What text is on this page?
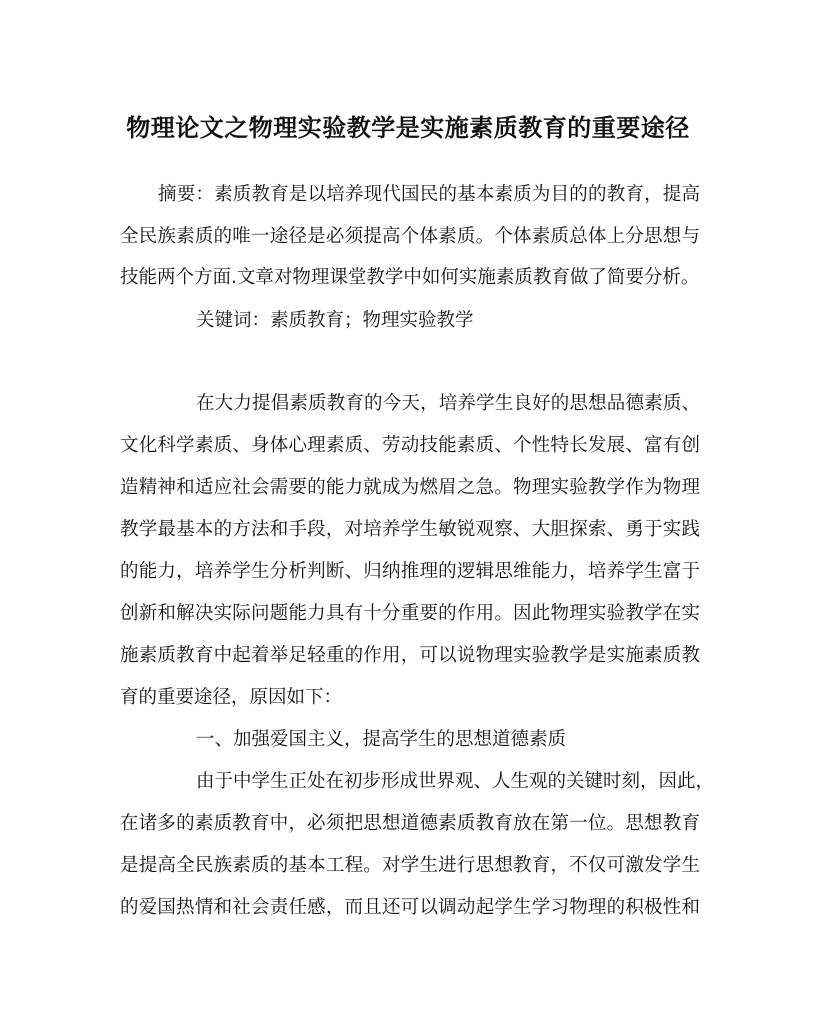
物理论文之物理实验教学是实施素质教育的重要途径
摘要：素质教育是以培养现代国民的基本素质为目的的教育，提高
全民族素质的唯一途径是必须提高个体素质。个体素质总体上分思想与
技能两个方面.文章对物理课堂教学中如何实施素质教育做了简要分析。
关键词：素质教育；物理实验教学
在大力提倡素质教育的今天，培养学生良好的思想品德素质、
文化科学素质、身体心理素质、劳动技能素质、个性特长发展、富有创
造精神和适应社会需要的能力就成为燃眉之急。物理实验教学作为物理
教学最基本的方法和手段，对培养学生敏锐观察、大胆探索、勇于实践
的能力，培养学生分析判断、归纳推理的逻辑思维能力，培养学生富于
创新和解决实际问题能力具有十分重要的作用。因此物理实验教学在实
施素质教育中起着举足轻重的作用，可以说物理实验教学是实施素质教
育的重要途径，原因如下：
一、加强爱国主义，提高学生的思想道德素质
由于中学生正处在初步形成世界观、人生观的关键时刻，因此，
在诸多的素质教育中，必须把思想道德素质教育放在第一位。思想教育
是提高全民族素质的基本工程。对学生进行思想教育，不仅可激发学生
的爱国热情和社会责任感，而且还可以调动起学生学习物理的积极性和
